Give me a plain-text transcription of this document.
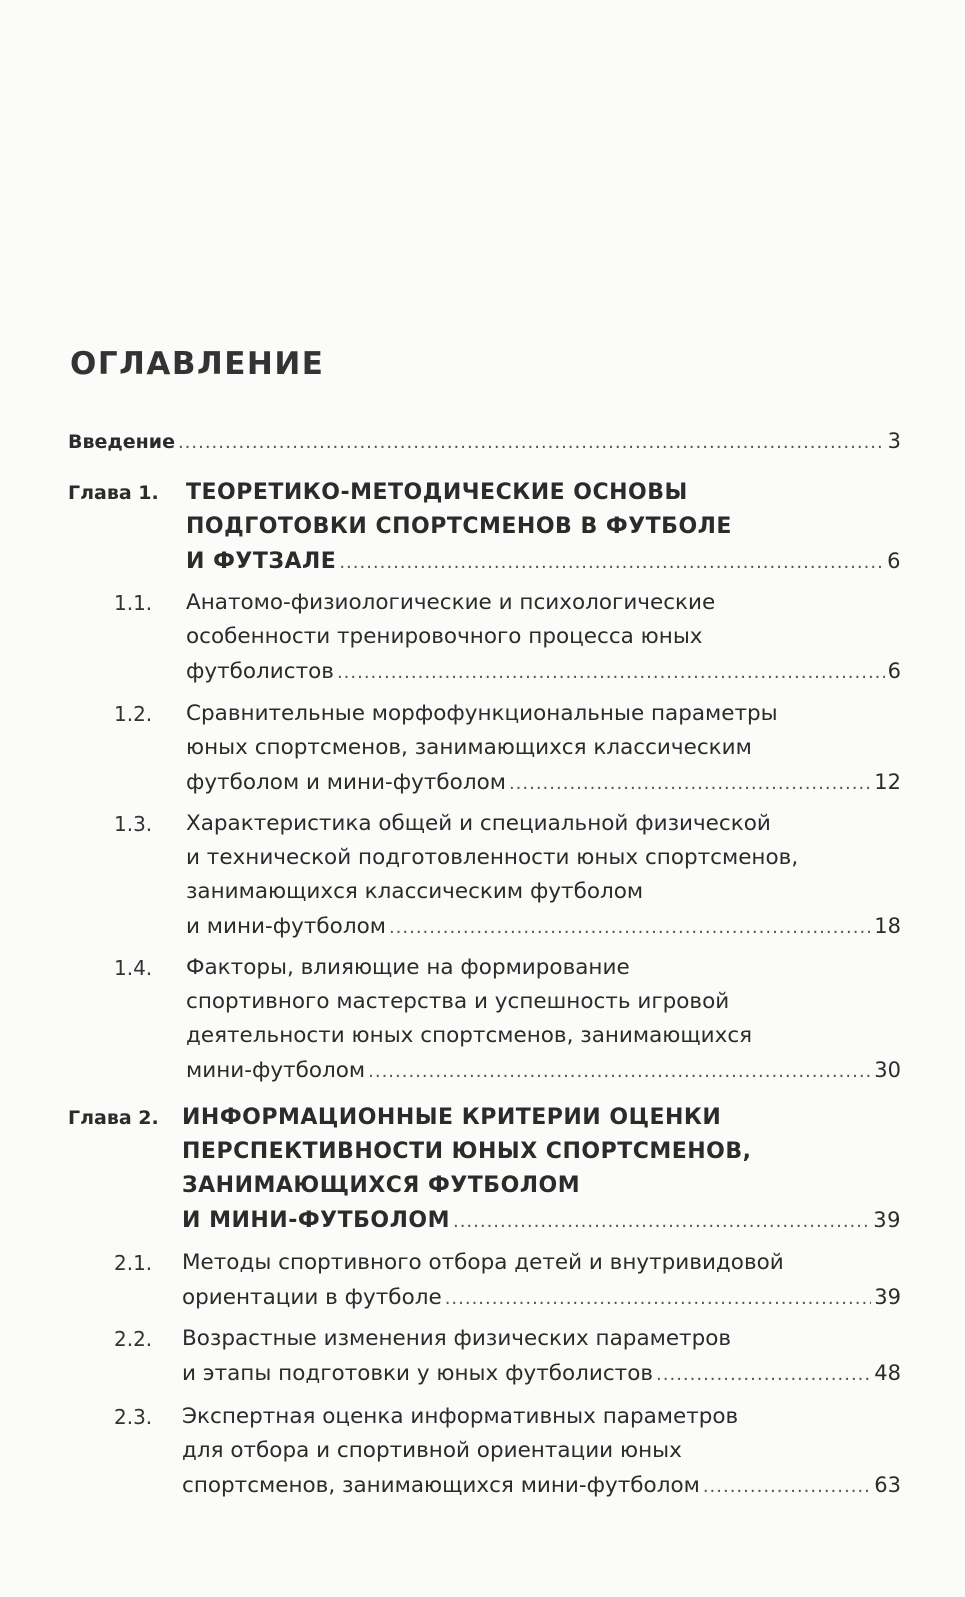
ОГЛАВЛЕНИЕ
Введение .....	3
Глава 1. ТЕОРЕТИКО-МЕТОДИЧЕСКИЕ ОСНОВЫ
ПОДГОТОВКИ СПОРТСМЕНОВ В ФУТБОЛЕ
И ФУТЗАЛЕ .....	6
1.1. Анатомо-физиологические и психологические
особенности тренировочного процесса юных
футболистов .....	6
1.2. Сравнительные морфофункциональные параметры
юных спортсменов, занимающихся классическим
футболом и мини-футболом .....	12
1.3. Характеристика общей и специальной физической
и технической подготовленности юных спортсменов,
занимающихся классическим футболом
и мини-футболом .....	18
1.4. Факторы, влияющие на формирование
спортивного мастерства и успешность игровой
деятельности юных спортсменов, занимающихся
мини-футболом .....	30
Глава 2. ИНФОРМАЦИОННЫЕ КРИТЕРИИ ОЦЕНКИ
ПЕРСПЕКТИВНОСТИ ЮНЫХ СПОРТСМЕНОВ,
ЗАНИМАЮЩИХСЯ ФУТБОЛОМ
И МИНИ-ФУТБОЛОМ .....	39
2.1. Методы спортивного отбора детей и внутривидовой
ориентации в футболе .....	39
2.2. Возрастные изменения физических параметров
и этапы подготовки у юных футболистов .....	48
2.3. Экспертная оценка информативных параметров
для отбора и спортивной ориентации юных
спортсменов, занимающихся мини-футболом .....	63
